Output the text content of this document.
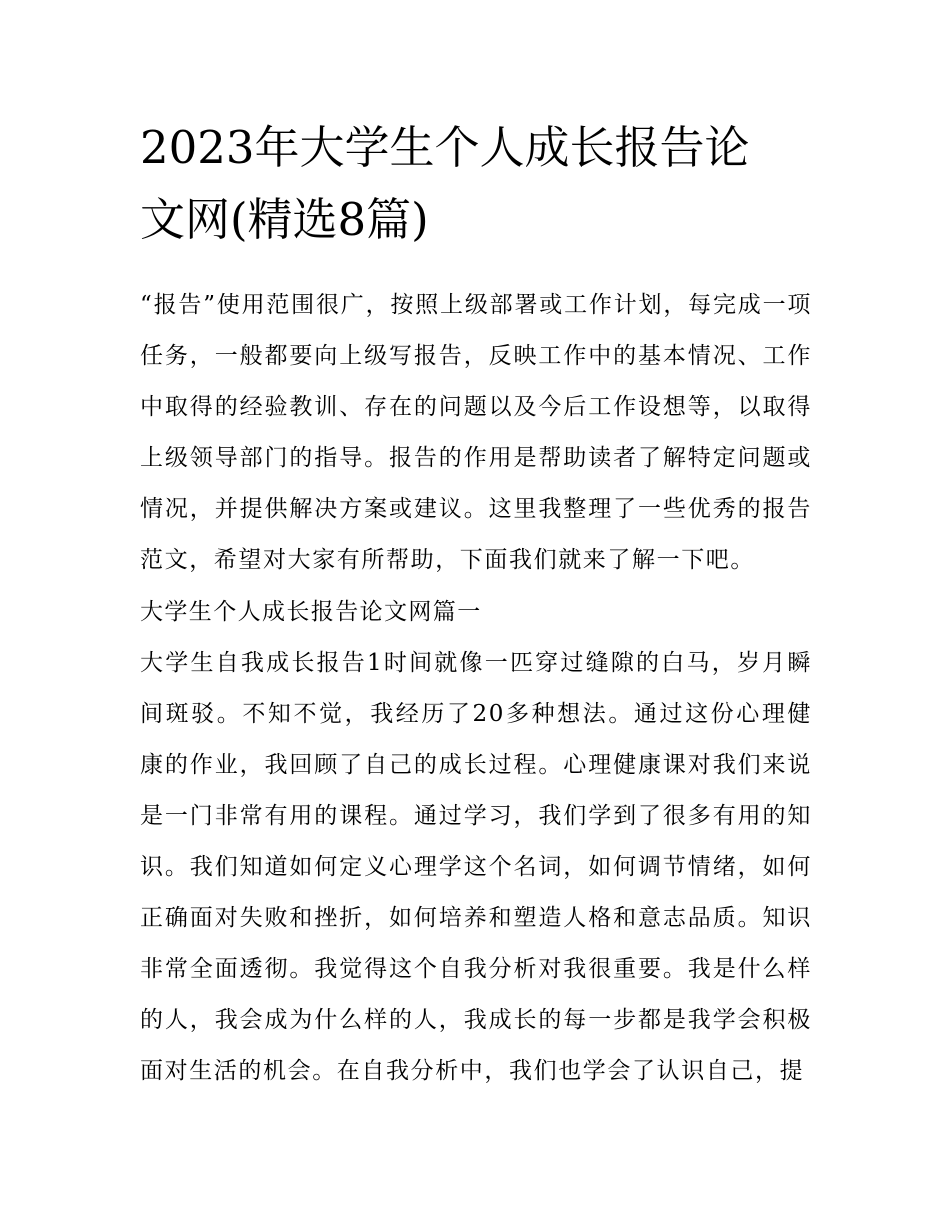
2023年大学生个人成长报告论
文网(精选8篇)

“报告”使用范围很广，按照上级部署或工作计划，每完成一项任务，一般都要向上级写报告，反映工作中的基本情况、工作中取得的经验教训、存在的问题以及今后工作设想等，以取得上级领导部门的指导。报告的作用是帮助读者了解特定问题或情况，并提供解决方案或建议。这里我整理了一些优秀的报告范文，希望对大家有所帮助，下面我们就来了解一下吧。

大学生个人成长报告论文网篇一

大学生自我成长报告1时间就像一匹穿过缝隙的白马，岁月瞬间斑驳。不知不觉，我经历了20多种想法。通过这份心理健康的作业，我回顾了自己的成长过程。心理健康课对我们来说是一门非常有用的课程。通过学习，我们学到了很多有用的知识。我们知道如何定义心理学这个名词，如何调节情绪，如何正确面对失败和挫折，如何培养和塑造人格和意志品质。知识非常全面透彻。我觉得这个自我分析对我很重要。我是什么样的人，我会成为什么样的人，我成长的每一步都是我学会积极面对生活的机会。在自我分析中，我们也学会了认识自己，提
